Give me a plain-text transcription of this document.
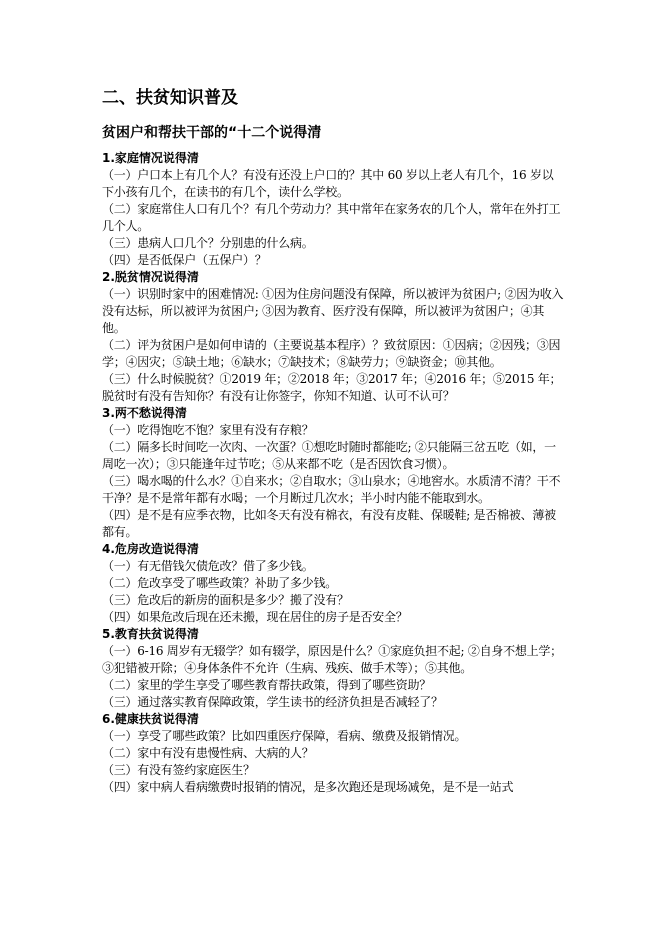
二、扶贫知识普及
贫困户和帮扶干部的“十二个说得清

1.家庭情况说得清

（一）户口本上有几个人？有没有还没上户口的？其中 60 岁以上老人有几个，16 岁以下小孩有几个，在读书的有几个，读什么学校。

（二）家庭常住人口有几个？有几个劳动力？其中常年在家务农的几个人，常年在外打工几个人。

（三）患病人口几个？分别患的什么病。

（四）是否低保户（五保户）？

2.脱贫情况说得清

（一）识别时家中的困难情况: ①因为住房问题没有保障，所以被评为贫困户; ②因为收入没有达标，所以被评为贫困户; ③因为教育、医疗没有保障，所以被评为贫困户；④其他。

（二）评为贫困户是如何申请的（主要说基本程序）？致贫原因：①因病；②因残；③因学；④因灾；⑤缺土地；⑥缺水；⑦缺技术；⑧缺劳力；⑨缺资金；⑩其他。

（三）什么时候脱贫？①2019 年；②2018 年；③2017 年；④2016 年；⑤2015 年；脱贫时有没有告知你？有没有让你签字，你知不知道、认可不认可？

3.两不愁说得清

（一）吃得饱吃不饱？家里有没有存粮？

（二）隔多长时间吃一次肉、一次蛋？①想吃时随时都能吃; ②只能隔三岔五吃（如，一周吃一次）；③只能逢年过节吃；⑤从来都不吃（是否因饮食习惯）。

（三）喝水喝的什么水？①自来水；②自取水；③山泉水；④地窖水。水质清不清？干不干净？是不是常年都有水喝；一个月断过几次水；半小时内能不能取到水。

（四）是不是有应季衣物，比如冬天有没有棉衣，有没有皮鞋、保暖鞋; 是否棉被、薄被都有。

4.危房改造说得清

（一）有无借钱欠债危改？借了多少钱。

（二）危改享受了哪些政策？补助了多少钱。

（三）危改后的新房的面积是多少？搬了没有？

（四）如果危改后现在还未搬，现在居住的房子是否安全？

5.教育扶贫说得清

（一）6-16 周岁有无辍学？如有辍学，原因是什么？①家庭负担不起; ②自身不想上学；③犯错被开除；④身体条件不允许（生病、残疾、做手术等）；⑤其他。

（二）家里的学生享受了哪些教育帮扶政策，得到了哪些资助？

（三）通过落实教育保障政策，学生读书的经济负担是否减轻了？

6.健康扶贫说得清

（一）享受了哪些政策？比如四重医疗保障，看病、缴费及报销情况。

（二）家中有没有患慢性病、大病的人？

（三）有没有签约家庭医生？

（四）家中病人看病缴费时报销的情况，是多次跑还是现场减免，是不是一站式
